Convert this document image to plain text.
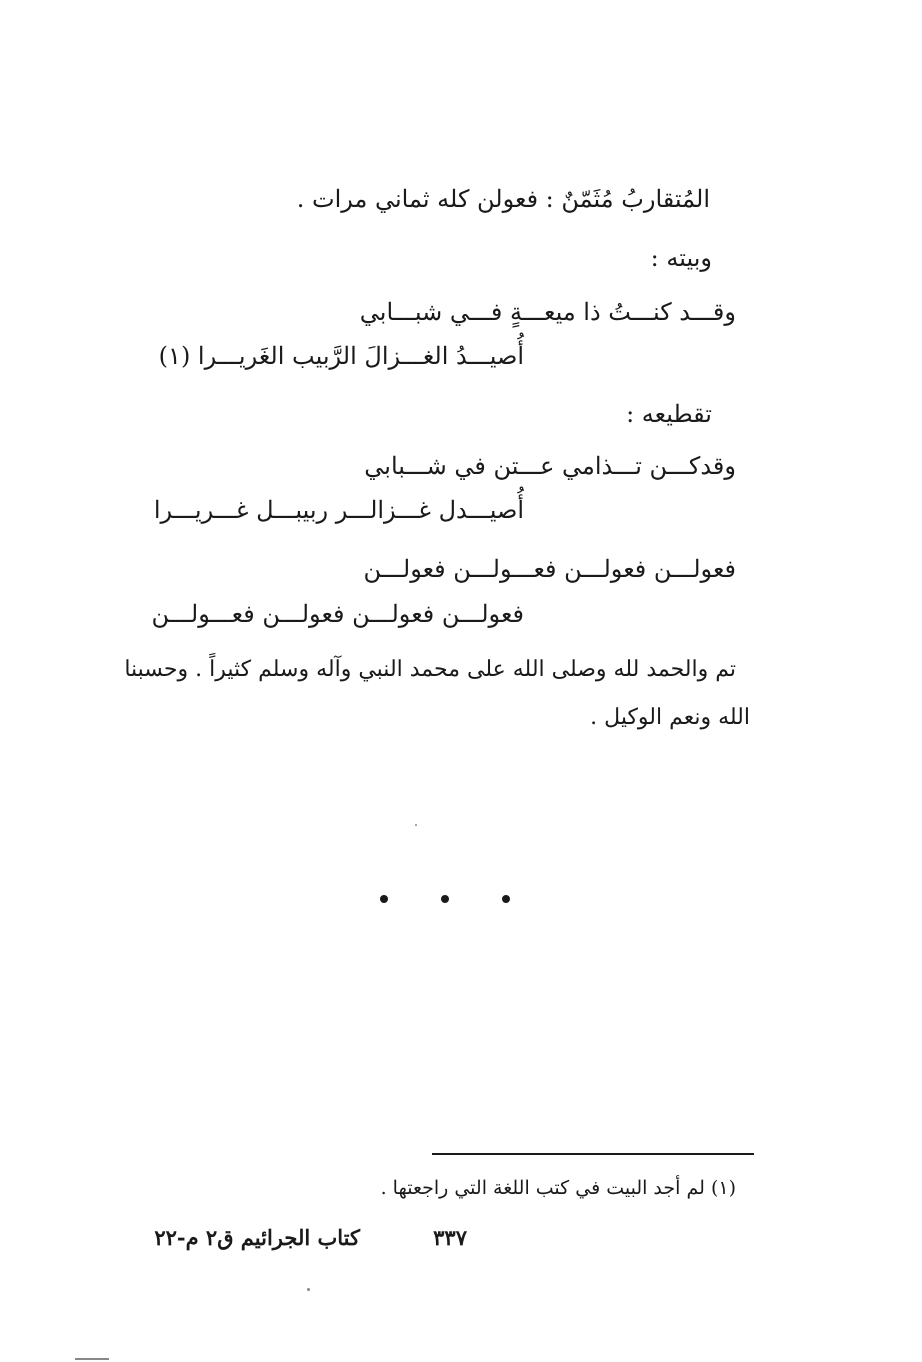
المُتقاربُ مُثَمّنٌ : فعولن كله ثماني مرات .
وبيته :
وقـــد كنـــتُ ذا ميعـــةٍ فـــي شبـــابي
أُصيـــدُ الغـــزالَ الرَّبيب الغَريـــرا (١)
تقطيعه :
وقدكـــن تـــذامي عـــتن في شـــبابي
أُصيـــدل غـــزالـــر ربيبـــل غـــريـــرا
فعولـــن فعولـــن فعـــولـــن فعولـــن
فعولـــن فعولـــن فعولـــن فعـــولـــن
تم والحمد لله وصلى الله على محمد النبي وآله وسلم كثيراً . وحسبنا
الله ونعم الوكيل .
(١) لم أجد البيت في كتب اللغة التي راجعتها .
٣٣٧
كتاب الجرائيم ق٢ م-٢٢
